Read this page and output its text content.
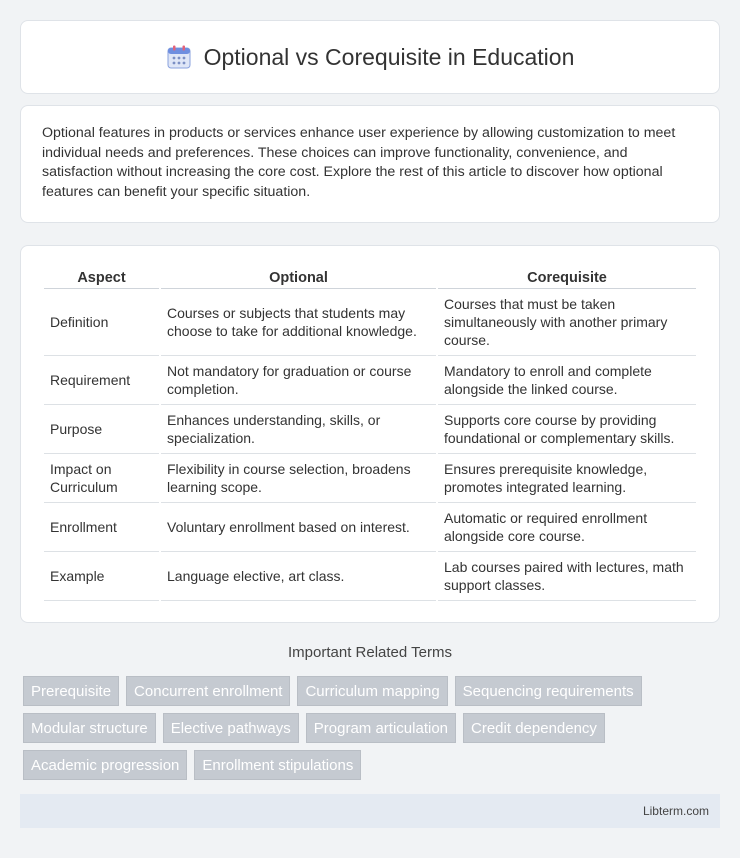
Optional vs Corequisite in Education

Optional features in products or services enhance user experience by allowing customization to meet individual needs and preferences. These choices can improve functionality, convenience, and satisfaction without increasing the core cost. Explore the rest of this article to discover how optional features can benefit your specific situation.

Aspect	Optional	Corequisite
Definition	Courses or subjects that students may choose to take for additional knowledge.	Courses that must be taken simultaneously with another primary course.
Requirement	Not mandatory for graduation or course completion.	Mandatory to enroll and complete alongside the linked course.
Purpose	Enhances understanding, skills, or specialization.	Supports core course by providing foundational or complementary skills.
Impact on Curriculum	Flexibility in course selection, broadens learning scope.	Ensures prerequisite knowledge, promotes integrated learning.
Enrollment	Voluntary enrollment based on interest.	Automatic or required enrollment alongside core course.
Example	Language elective, art class.	Lab courses paired with lectures, math support classes.
Important Related Terms
Prerequisite	Concurrent enrollment	Curriculum mapping	Sequencing requirements
Modular structure	Elective pathways	Program articulation	Credit dependency
Academic progression	Enrollment stipulations
Libterm.com
